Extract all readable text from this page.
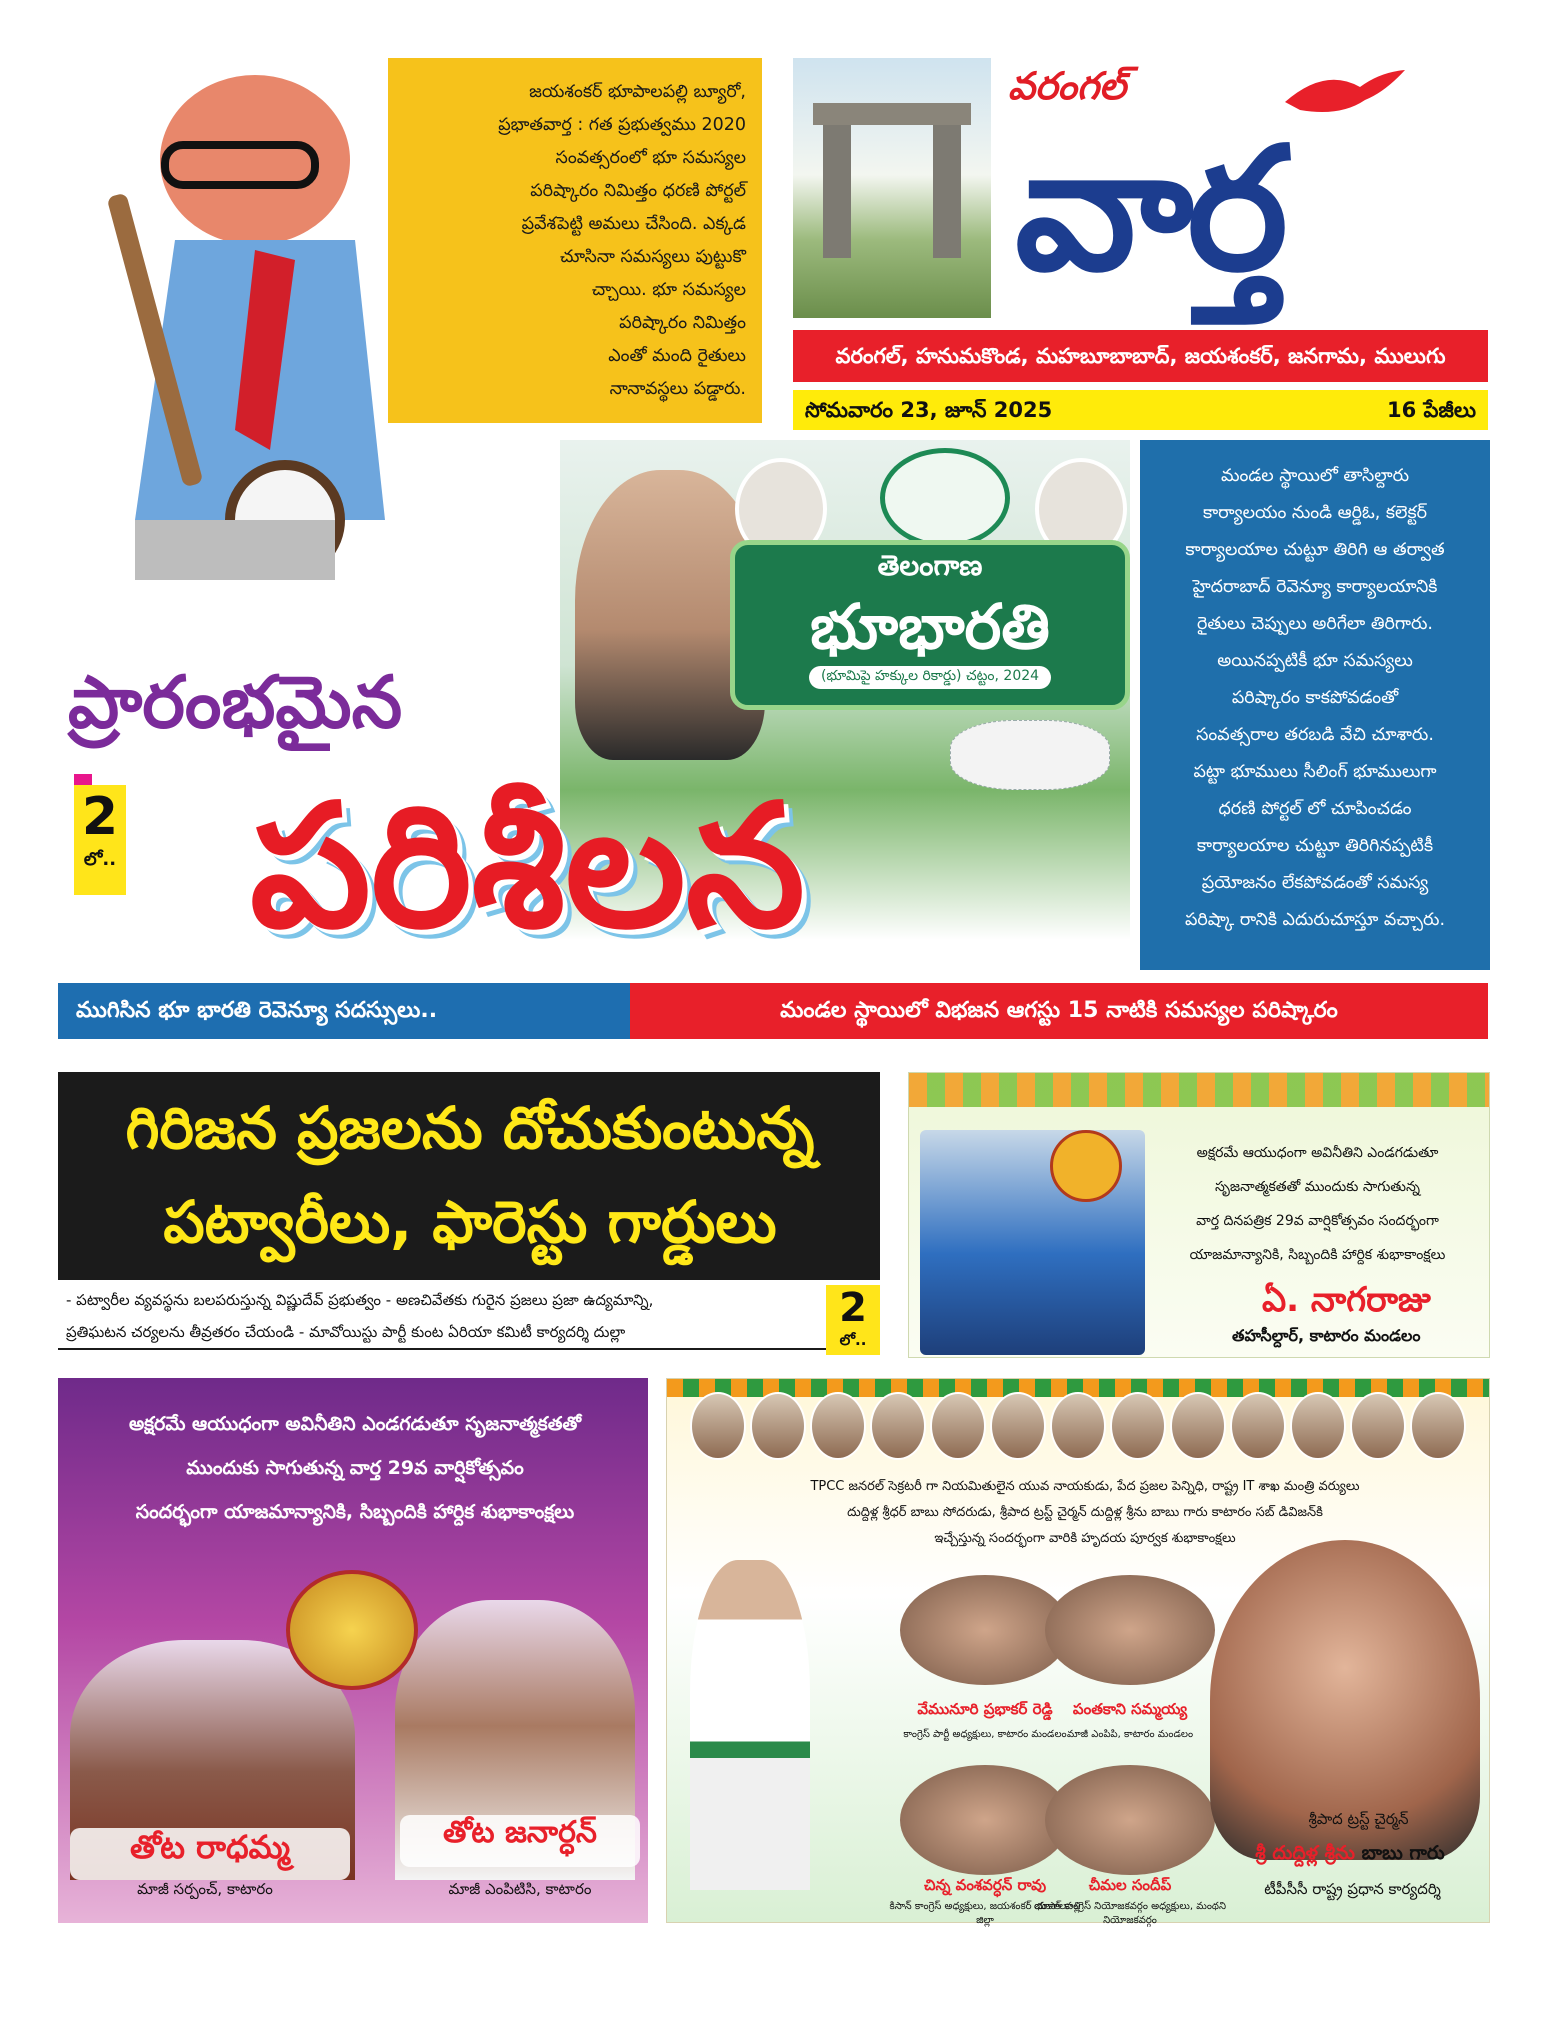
జయశంకర్ భూపాలపల్లి బ్యూరో,

ప్రభాతవార్త : గత ప్రభుత్వము 2020

సంవత్సరంలో భూ సమస్యల

పరిష్కారం నిమిత్తం ధరణి పోర్టల్

ప్రవేశపెట్టి అమలు చేసింది. ఎక్కడ

చూసినా సమస్యలు పుట్టుకొ

చ్చాయి. భూ సమస్యల

పరిష్కారం నిమిత్తం

ఎంతో మంది రైతులు

నానావస్థలు పడ్డారు.

వరంగల్
వార్త
వరంగల్, హనుమకొండ, మహబూబాబాద్, జయశంకర్, జనగామ, ములుగు
సోమవారం 23, జూన్ 2025	16 పేజీలు
తెలంగాణ
భూభారతి
(భూమిపై హక్కుల రికార్డు) చట్టం, 2024
ప్రారంభమైన
2
లో.. పరిశీలన

మండల స్థాయిలో తాసిల్దారు

కార్యాలయం నుండి ఆర్డిఓ, కలెక్టర్

కార్యాలయాల చుట్టూ తిరిగి ఆ తర్వాత

హైదరాబాద్ రెవెన్యూ కార్యాలయానికి

రైతులు చెప్పులు అరిగేలా తిరిగారు.

అయినప్పటికీ భూ సమస్యలు

పరిష్కారం కాకపోవడంతో

సంవత్సరాల తరబడి వేచి చూశారు.

పట్టా భూములు సీలింగ్ భూములుగా

ధరణి పోర్టల్ లో చూపించడం

కార్యాలయాల చుట్టూ తిరిగినప్పటికీ

ప్రయోజనం లేకపోవడంతో సమస్య

పరిష్కా రానికి ఎదురుచూస్తూ వచ్చారు.

ముగిసిన భూ భారతి రెవెన్యూ సదస్సులు..	మండల స్థాయిలో విభజన ఆగస్టు 15 నాటికి సమస్యల పరిష్కారం
గిరిజన ప్రజలను దోచుకుంటున్న
పట్వారీలు, ఫారెస్టు గార్డులు
- పట్వారీల వ్యవస్థను బలపరుస్తున్న విష్ణుదేవ్ ప్రభుత్వం - అణచివేతకు గురైన ప్రజలు ప్రజా ఉద్యమాన్ని,
ప్రతిఘటన చర్యలను తీవ్రతరం చేయండి - మావోయిస్టు పార్టీ కుంట ఏరియా కమిటీ కార్యదర్శి దుల్లా
2
లో..
అక్షరమే ఆయుధంగా అవినీతిని ఎండగడుతూ
సృజనాత్మకతతో ముందుకు సాగుతున్న
వార్త దినపత్రిక 29వ వార్షికోత్సవం సందర్భంగా
యాజమాన్యానికి, సిబ్బందికి హార్దిక శుభాకాంక్షలు
ఏ. నాగరాజు
తహసీల్దార్, కాటారం మండలం
అక్షరమే ఆయుధంగా అవినీతిని ఎండగడుతూ సృజనాత్మకతతో
ముందుకు సాగుతున్న వార్త 29వ వార్షికోత్సవం
సందర్భంగా యాజమాన్యానికి, సిబ్బందికి హార్దిక శుభాకాంక్షలు
తోట రాధమ్మ	తోట జనార్ధన్
మాజీ సర్పంచ్, కాటారం	మాజీ ఎంపిటిసి, కాటారం
TPCC జనరల్ సెక్రటరీ గా నియమితులైన యువ నాయకుడు, పేద ప్రజల పెన్నిధి, రాష్ట్ర IT శాఖ మంత్రి వర్యులు
దుద్దిళ్ల శ్రీధర్ బాబు సోదరుడు, శ్రీపాద ట్రస్ట్ చైర్మన్ దుద్దిళ్ల శ్రీను బాబు గారు కాటారం సబ్ డివిజన్‌కి
ఇచ్చేస్తున్న సందర్భంగా వారికి హృదయ పూర్వక శుభాకాంక్షలు
వేమునూరి ప్రభాకర్ రెడ్డి
కాంగ్రెస్ పార్టీ అధ్యక్షులు, కాటారం మండలం
పంతకాని సమ్మయ్య
మాజీ ఎంపిపి, కాటారం మండలం
చిన్న వంశవర్ధన్ రావు
కిసాన్ కాంగ్రెస్ అధ్యక్షులు, జయశంకర్ భూపాలపల్లి జిల్లా
చీమల సందీప్
యూత్ కాంగ్రెస్ నియోజకవర్గం అధ్యక్షులు, మంథని నియోజకవర్గం
శ్రీపాద ట్రస్ట్ చైర్మన్
శ్రీ దుద్దిళ్ల శ్రీను బాబు గారు
టీపీసీసీ రాష్ట్ర ప్రధాన కార్యదర్శి
